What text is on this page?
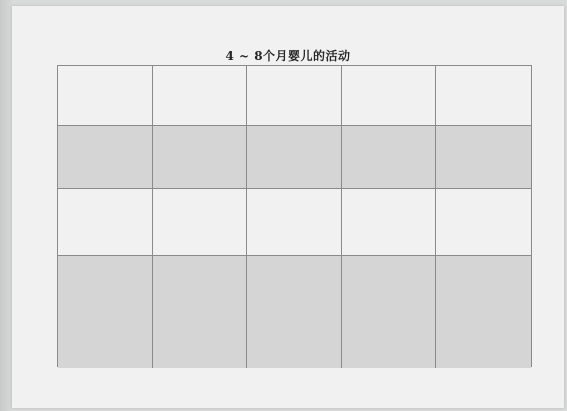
4 ~ 8个月婴儿的活动
